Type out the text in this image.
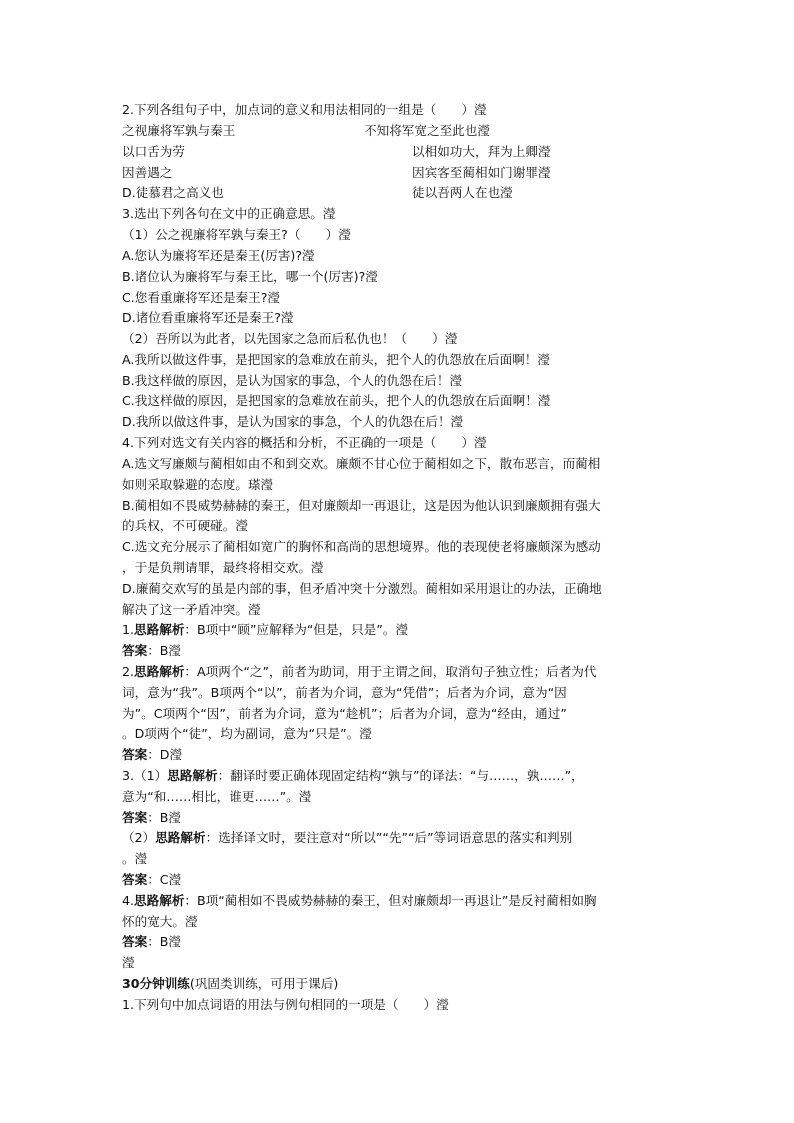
2.下列各组句子中，加点词的意义和用法相同的一组是（　　）瀅
之视廉将军孰与秦王	不知将军宽之至此也瀅
以口舌为劳	以相如功大，拜为上卿瀅
因善遇之	因宾客至蔺相如门谢罪瀅
D.徒慕君之高义也	徒以吾两人在也瀅
3.选出下列各句在文中的正确意思。瀅
（1）公之视廉将军孰与秦王?（　　）瀅
A.您认为廉将军还是秦王(厉害)?瀅
B.诸位认为廉将军与秦王比，哪一个(厉害)?瀅
C.您看重廉将军还是秦王?瀅
D.诸位看重廉将军还是秦王?瀅
（2）吾所以为此者，以先国家之急而后私仇也！（　　）瀅
A.我所以做这件事，是把国家的急难放在前头，把个人的仇怨放在后面啊！瀅
B.我这样做的原因，是认为国家的事急，个人的仇怨在后！瀅
C.我这样做的原因，是把国家的急难放在前头，把个人的仇怨放在后面啊！瀅
D.我所以做这件事，是认为国家的事急，个人的仇怨在后！瀅
4.下列对选文有关内容的概括和分析，不正确的一项是（　　）瀅
A.选文写廉颇与蔺相如由不和到交欢。廉颇不甘心位于蔺相如之下，散布恶言，而蔺相
如则采取躲避的态度。瑹瀅
B.蔺相如不畏威势赫赫的秦王，但对廉颇却一再退让，这是因为他认识到廉颇拥有强大
的兵权，不可硬碰。瀅
C.选文充分展示了蔺相如宽广的胸怀和高尚的思想境界。他的表现使老将廉颇深为感动
，于是负荆请罪，最终将相交欢。瀅
D.廉蔺交欢写的虽是内部的事，但矛盾冲突十分激烈。蔺相如采用退让的办法，正确地
解决了这一矛盾冲突。瀅
1.思路解析：B项中“顾”应解释为“但是，只是”。瀅
答案：B瀅
2.思路解析：A项两个“之”，前者为助词，用于主谓之间，取消句子独立性；后者为代
词，意为“我”。B项两个“以”，前者为介词，意为“凭借”；后者为介词，意为“因
为”。C项两个“因”，前者为介词，意为“趁机”；后者为介词，意为“经由，通过”
。D项两个“徒”，均为副词，意为“只是”。瀅
答案：D瀅
3.（1）思路解析：翻译时要正确体现固定结构“孰与”的译法：“与……，孰……”，
意为“和……相比，谁更……”。瀅
答案：B瀅
（2）思路解析：选择译文时，要注意对“所以”“先”“后”等词语意思的落实和判别
。瀅
答案：C瀅
4.思路解析：B项“蔺相如不畏威势赫赫的秦王，但对廉颇却一再退让”是反衬蔺相如胸
怀的宽大。瀅
答案：B瀅
瀅
30分钟训练(巩固类训练，可用于课后)
1.下列句中加点词语的用法与例句相同的一项是（　　）瀅
